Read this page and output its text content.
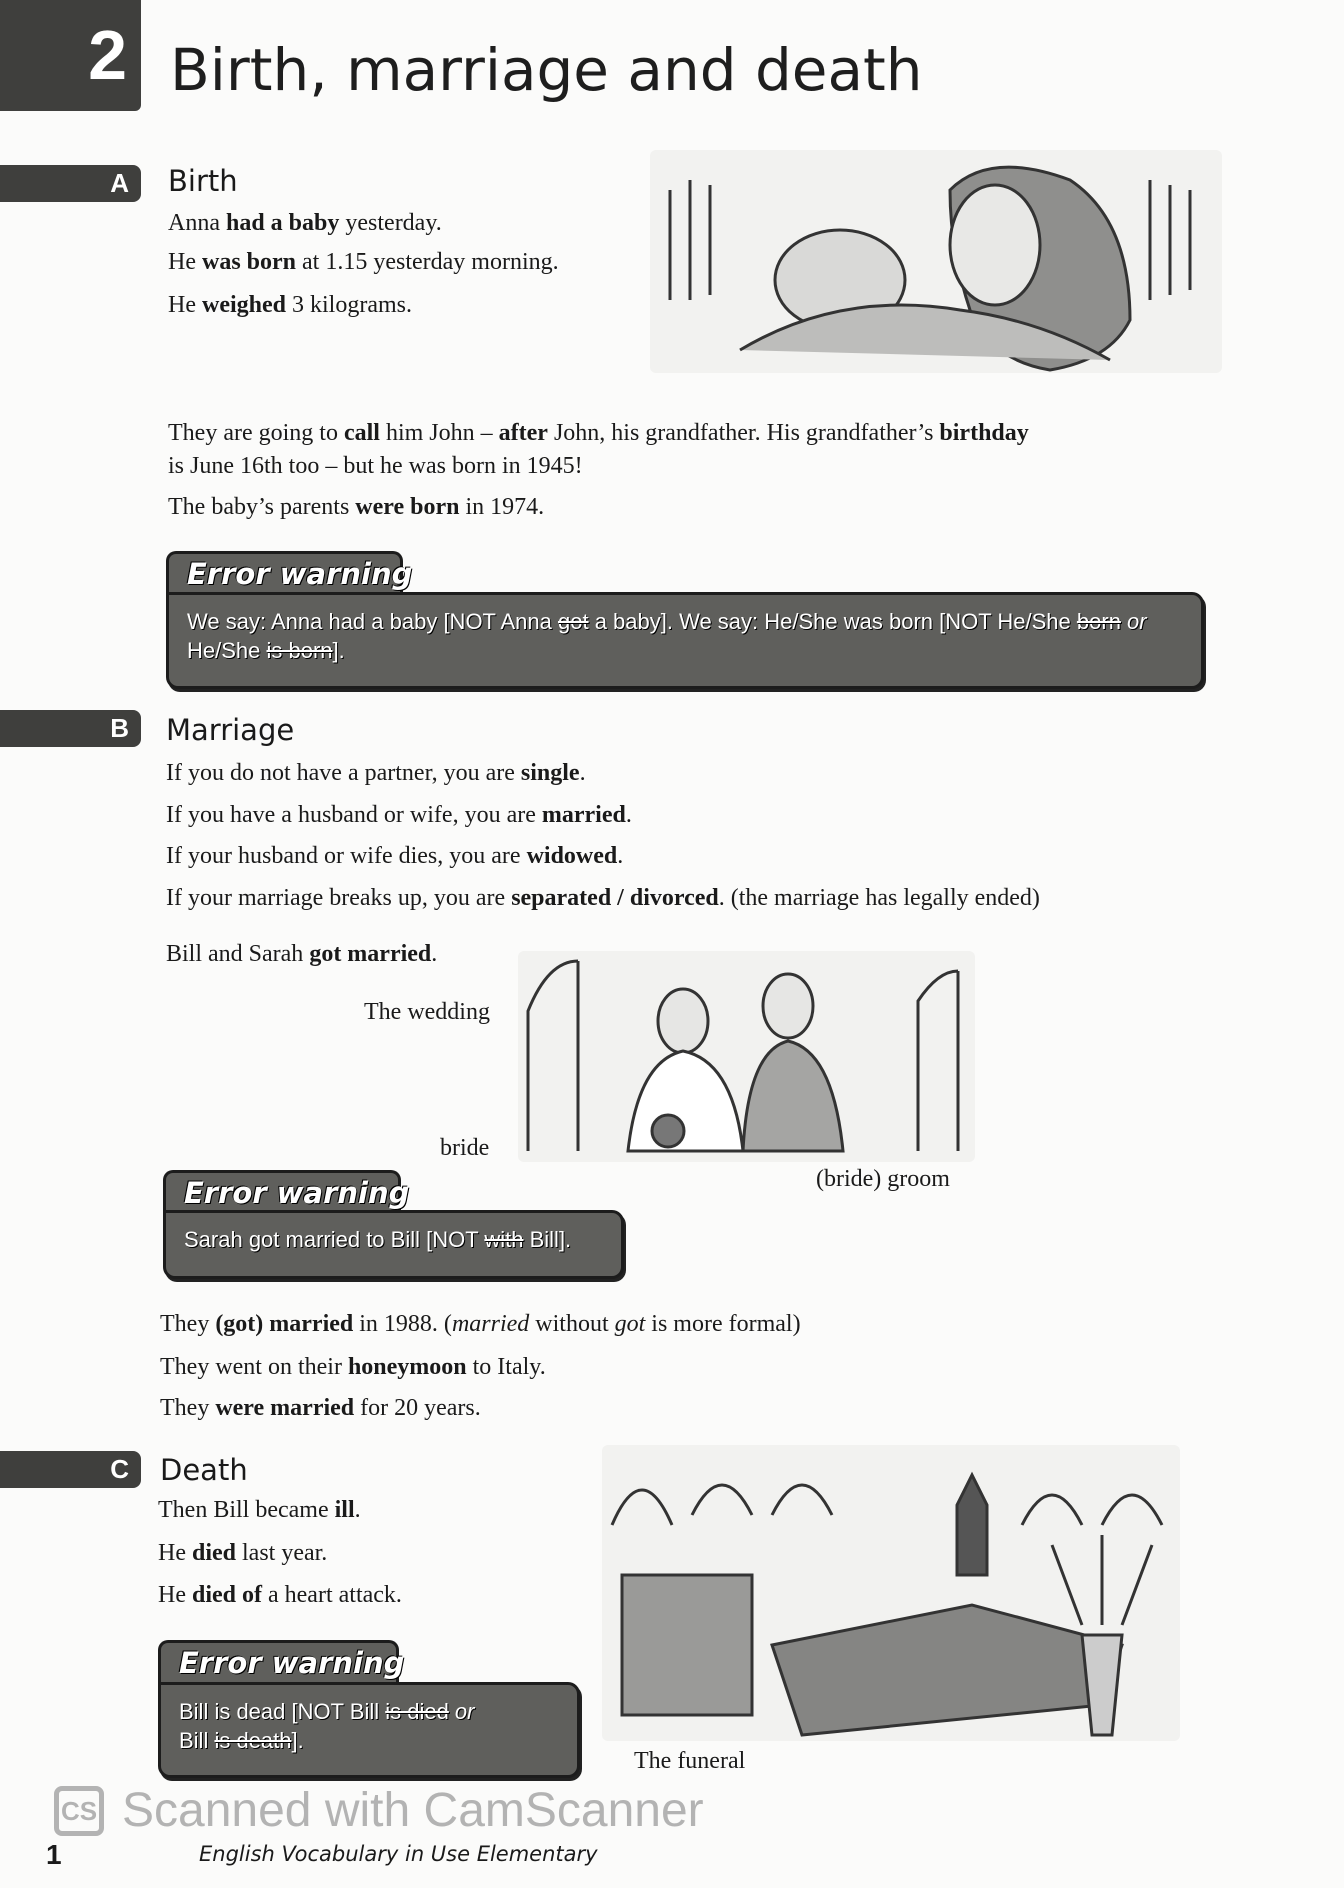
2 Birth, marriage and death
A	Birth
Anna had a baby yesterday.
He was born at 1.15 yesterday morning.
He weighed 3 kilograms.
They are going to call him John – after John, his grandfather. His grandfather’s birthday
is June 16th too – but he was born in 1945!
The baby’s parents were born in 1974.
Error warning
We say: Anna had a baby [NOT Anna got a baby]. We say: He/She was born [NOT He/She born or
He/She is born].
B	Marriage
If you do not have a partner, you are single.
If you have a husband or wife, you are married.
If your husband or wife dies, you are widowed.
If your marriage breaks up, you are separated / divorced. (the marriage has legally ended)
Bill and Sarah got married.
The wedding
bride
(bride) groom
Error warning
Sarah got married to Bill [NOT with Bill].
They (got) married in 1988. (married without got is more formal)
They went on their honeymoon to Italy.
They were married for 20 years.
C	Death
Then Bill became ill.
He died last year.
He died of a heart attack.
The funeral
Error warning
Bill is dead [NOT Bill is died or
Bill is death].
CS Scanned with CamScanner
1	English Vocabulary in Use Elementary
